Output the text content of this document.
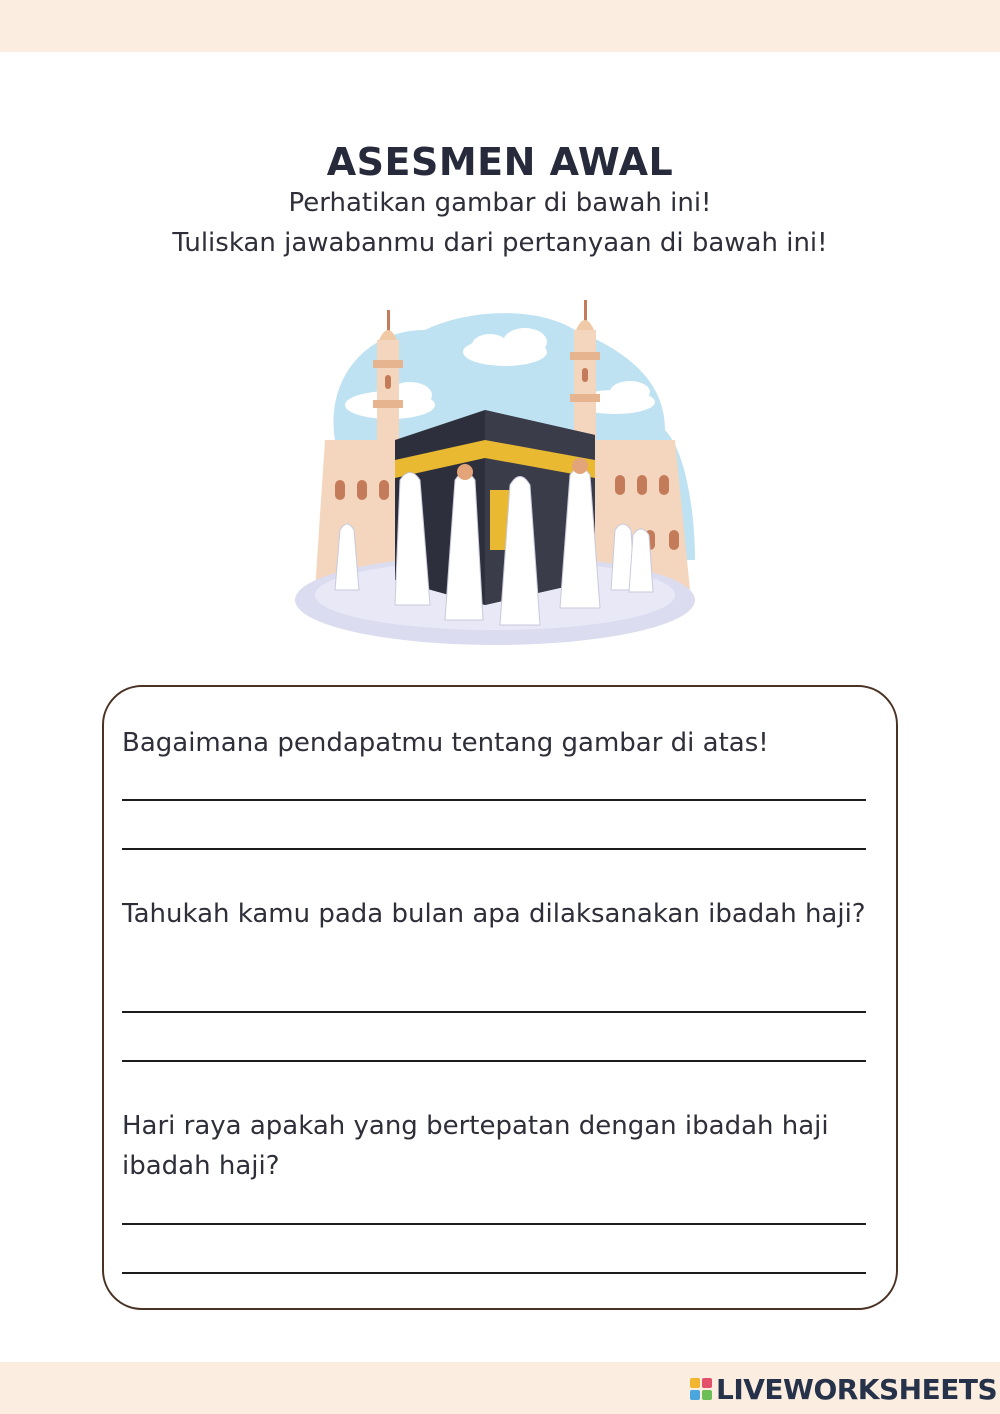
ASESMEN AWAL
Perhatikan gambar di bawah ini!
Tuliskan jawabanmu dari pertanyaan di bawah ini!
Bagaimana pendapatmu tentang gambar di atas!
Tahukah kamu pada bulan apa dilaksanakan ibadah haji?
Hari raya apakah yang bertepatan dengan ibadah haji ibadah haji?
LIVEWORKSHEETS
